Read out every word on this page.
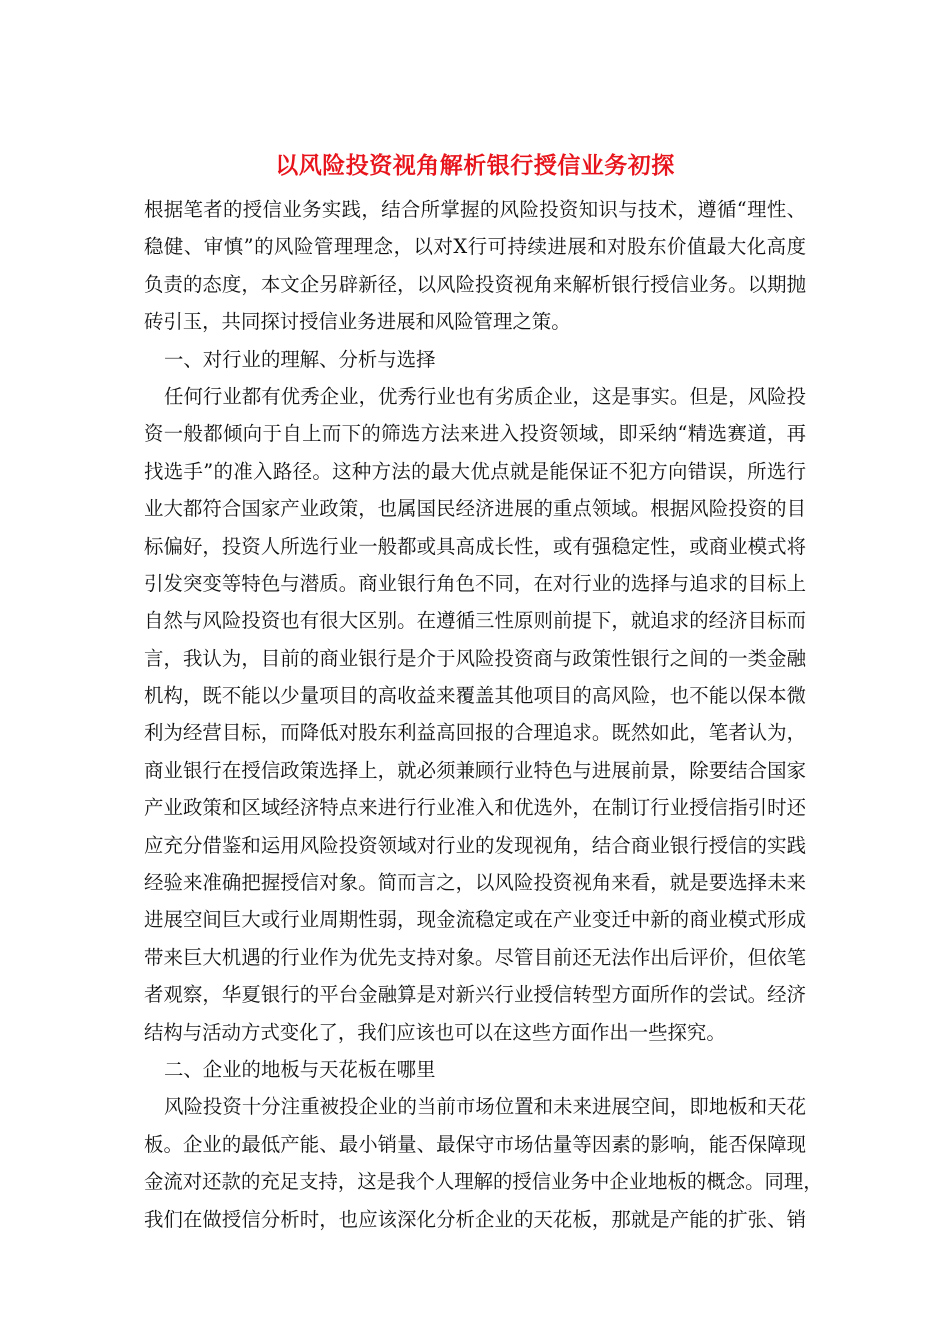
以风险投资视角解析银行授信业务初探
根据笔者的授信业务实践，结合所掌握的风险投资知识与技术，遵循“理性、
稳健、审慎”的风险管理理念，以对X行可持续进展和对股东价值最大化高度
负责的态度，本文企另辟新径，以风险投资视角来解析银行授信业务。以期抛
砖引玉，共同探讨授信业务进展和风险管理之策。
一、对行业的理解、分析与选择
任何行业都有优秀企业，优秀行业也有劣质企业，这是事实。但是，风险投
资一般都倾向于自上而下的筛选方法来进入投资领域，即采纳“精选赛道，再
找选手”的准入路径。这种方法的最大优点就是能保证不犯方向错误，所选行
业大都符合国家产业政策，也属国民经济进展的重点领域。根据风险投资的目
标偏好，投资人所选行业一般都或具高成长性，或有强稳定性，或商业模式将
引发突变等特色与潜质。商业银行角色不同，在对行业的选择与追求的目标上
自然与风险投资也有很大区别。在遵循三性原则前提下，就追求的经济目标而
言，我认为，目前的商业银行是介于风险投资商与政策性银行之间的一类金融
机构，既不能以少量项目的高收益来覆盖其他项目的高风险，也不能以保本微
利为经营目标，而降低对股东利益高回报的合理追求。既然如此，笔者认为，
商业银行在授信政策选择上，就必须兼顾行业特色与进展前景，除要结合国家
产业政策和区域经济特点来进行行业准入和优选外，在制订行业授信指引时还
应充分借鉴和运用风险投资领域对行业的发现视角，结合商业银行授信的实践
经验来准确把握授信对象。简而言之，以风险投资视角来看，就是要选择未来
进展空间巨大或行业周期性弱，现金流稳定或在产业变迁中新的商业模式形成
带来巨大机遇的行业作为优先支持对象。尽管目前还无法作出后评价，但依笔
者观察，华夏银行的平台金融算是对新兴行业授信转型方面所作的尝试。经济
结构与活动方式变化了，我们应该也可以在这些方面作出一些探究。
二、企业的地板与天花板在哪里
风险投资十分注重被投企业的当前市场位置和未来进展空间，即地板和天花
板。企业的最低产能、最小销量、最保守市场估量等因素的影响，能否保障现
金流对还款的充足支持，这是我个人理解的授信业务中企业地板的概念。同理，
我们在做授信分析时，也应该深化分析企业的天花板，那就是产能的扩张、销
